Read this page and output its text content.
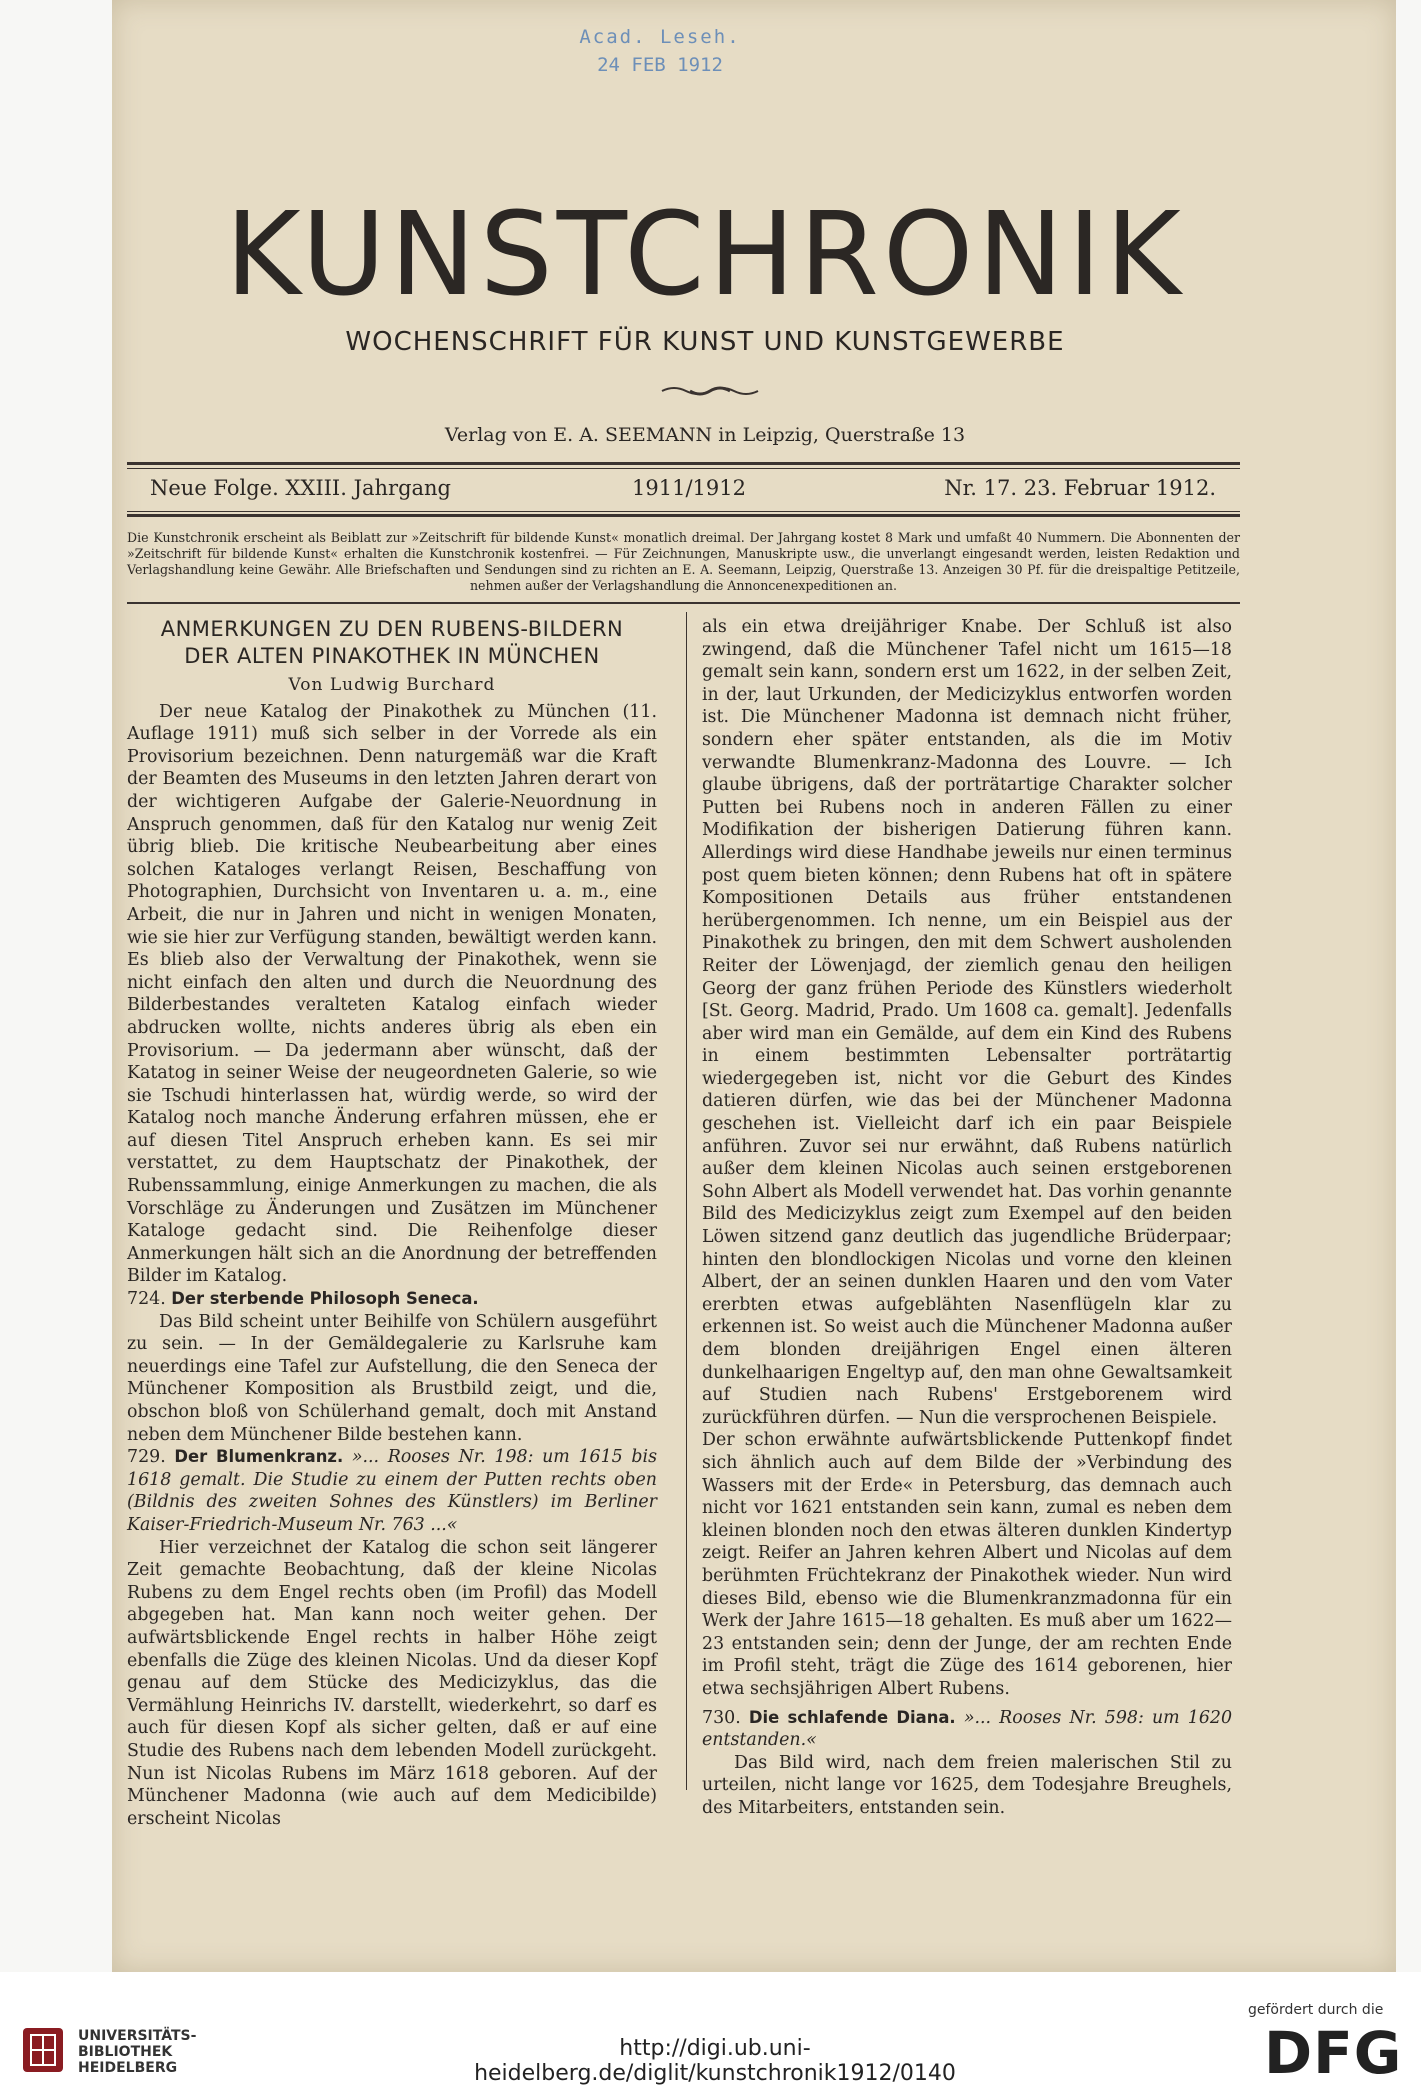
Acad. Leseh.
24 FEB 1912
KUNSTCHRONIK
WOCHENSCHRIFT FÜR KUNST UND KUNSTGEWERBE
Verlag von E. A. SEEMANN in Leipzig, Querstraße 13
Neue Folge. XXIII. Jahrgang	1911/1912	Nr. 17. 23. Februar 1912.
Die Kunstchronik erscheint als Beiblatt zur »Zeitschrift für bildende Kunst« monatlich dreimal. Der Jahrgang kostet 8 Mark und umfaßt 40 Nummern. Die Abonnenten der »Zeitschrift für bildende Kunst« erhalten die Kunstchronik kostenfrei. — Für Zeichnungen, Manuskripte usw., die unverlangt eingesandt werden, leisten Redaktion und Verlagshandlung keine Gewähr. Alle Briefschaften und Sendungen sind zu richten an E. A. Seemann, Leipzig, Querstraße 13. Anzeigen 30 Pf. für die dreispaltige Petitzeile, nehmen außer der Verlagshandlung die Annoncenexpeditionen an.
ANMERKUNGEN ZU DEN RUBENS-BILDERN
DER ALTEN PINAKOTHEK IN MÜNCHEN
Von Ludwig Burchard

Der neue Katalog der Pinakothek zu München (11. Auflage 1911) muß sich selber in der Vorrede als ein Provisorium bezeichnen. Denn naturgemäß war die Kraft der Beamten des Museums in den letzten Jahren derart von der wichtigeren Aufgabe der Galerie-Neuordnung in Anspruch genommen, daß für den Katalog nur wenig Zeit übrig blieb. Die kritische Neubearbeitung aber eines solchen Kataloges verlangt Reisen, Beschaffung von Photographien, Durchsicht von Inventaren u. a. m., eine Arbeit, die nur in Jahren und nicht in wenigen Monaten, wie sie hier zur Verfügung standen, bewältigt werden kann. Es blieb also der Verwaltung der Pinakothek, wenn sie nicht einfach den alten und durch die Neuordnung des Bilderbestandes veralteten Katalog einfach wieder abdrucken wollte, nichts anderes übrig als eben ein Provisorium. — Da jedermann aber wünscht, daß der Katatog in seiner Weise der neugeordneten Galerie, so wie sie Tschudi hinterlassen hat, würdig werde, so wird der Katalog noch manche Änderung erfahren müssen, ehe er auf diesen Titel Anspruch erheben kann. Es sei mir verstattet, zu dem Hauptschatz der Pinakothek, der Rubenssammlung, einige Anmerkungen zu machen, die als Vorschläge zu Änderungen und Zusätzen im Münchener Kataloge gedacht sind. Die Reihenfolge dieser Anmerkungen hält sich an die Anordnung der betreffenden Bilder im Katalog.

724. Der sterbende Philosoph Seneca.

Das Bild scheint unter Beihilfe von Schülern ausgeführt zu sein. — In der Gemäldegalerie zu Karlsruhe kam neuerdings eine Tafel zur Aufstellung, die den Seneca der Münchener Komposition als Brustbild zeigt, und die, obschon bloß von Schülerhand gemalt, doch mit Anstand neben dem Münchener Bilde bestehen kann.

729. Der Blumenkranz. »... Rooses Nr. 198: um 1615 bis 1618 gemalt. Die Studie zu einem der Putten rechts oben (Bildnis des zweiten Sohnes des Künstlers) im Berliner Kaiser-Friedrich-Museum Nr. 763 ...«

Hier verzeichnet der Katalog die schon seit längerer Zeit gemachte Beobachtung, daß der kleine Nicolas Rubens zu dem Engel rechts oben (im Profil) das Modell abgegeben hat. Man kann noch weiter gehen. Der aufwärtsblickende Engel rechts in halber Höhe zeigt ebenfalls die Züge des kleinen Nicolas. Und da dieser Kopf genau auf dem Stücke des Medicizyklus, das die Vermählung Heinrichs IV. darstellt, wiederkehrt, so darf es auch für diesen Kopf als sicher gelten, daß er auf eine Studie des Rubens nach dem lebenden Modell zurückgeht. Nun ist Nicolas Rubens im März 1618 geboren. Auf der Münchener Madonna (wie auch auf dem Medicibilde) erscheint Nicolas

als ein etwa dreijähriger Knabe. Der Schluß ist also zwingend, daß die Münchener Tafel nicht um 1615—18 gemalt sein kann, sondern erst um 1622, in der selben Zeit, in der, laut Urkunden, der Medicizyklus entworfen worden ist. Die Münchener Madonna ist demnach nicht früher, sondern eher später entstanden, als die im Motiv verwandte Blumenkranz-Madonna des Louvre. — Ich glaube übrigens, daß der porträtartige Charakter solcher Putten bei Rubens noch in anderen Fällen zu einer Modifikation der bisherigen Datierung führen kann. Allerdings wird diese Handhabe jeweils nur einen terminus post quem bieten können; denn Rubens hat oft in spätere Kompositionen Details aus früher entstandenen herübergenommen. Ich nenne, um ein Beispiel aus der Pinakothek zu bringen, den mit dem Schwert ausholenden Reiter der Löwenjagd, der ziemlich genau den heiligen Georg der ganz frühen Periode des Künstlers wiederholt [St. Georg. Madrid, Prado. Um 1608 ca. gemalt]. Jedenfalls aber wird man ein Gemälde, auf dem ein Kind des Rubens in einem bestimmten Lebensalter porträtartig wiedergegeben ist, nicht vor die Geburt des Kindes datieren dürfen, wie das bei der Münchener Madonna geschehen ist. Vielleicht darf ich ein paar Beispiele anführen. Zuvor sei nur erwähnt, daß Rubens natürlich außer dem kleinen Nicolas auch seinen erstgeborenen Sohn Albert als Modell verwendet hat. Das vorhin genannte Bild des Medicizyklus zeigt zum Exempel auf den beiden Löwen sitzend ganz deutlich das jugendliche Brüderpaar; hinten den blondlockigen Nicolas und vorne den kleinen Albert, der an seinen dunklen Haaren und den vom Vater ererbten etwas aufgeblähten Nasenflügeln klar zu erkennen ist. So weist auch die Münchener Madonna außer dem blonden dreijährigen Engel einen älteren dunkelhaarigen Engeltyp auf, den man ohne Gewaltsamkeit auf Studien nach Rubens' Erstgeborenem wird zurückführen dürfen. — Nun die versprochenen Beispiele.

Der schon erwähnte aufwärtsblickende Puttenkopf findet sich ähnlich auch auf dem Bilde der »Verbindung des Wassers mit der Erde« in Petersburg, das demnach auch nicht vor 1621 entstanden sein kann, zumal es neben dem kleinen blonden noch den etwas älteren dunklen Kindertyp zeigt. Reifer an Jahren kehren Albert und Nicolas auf dem berühmten Früchtekranz der Pinakothek wieder. Nun wird dieses Bild, ebenso wie die Blumenkranzmadonna für ein Werk der Jahre 1615—18 gehalten. Es muß aber um 1622—23 entstanden sein; denn der Junge, der am rechten Ende im Profil steht, trägt die Züge des 1614 geborenen, hier etwa sechsjährigen Albert Rubens.

730. Die schlafende Diana. »... Rooses Nr. 598: um 1620 entstanden.«

Das Bild wird, nach dem freien malerischen Stil zu urteilen, nicht lange vor 1625, dem Todesjahre Breughels, des Mitarbeiters, entstanden sein.

UNIVERSITÄTS-
BIBLIOTHEK
HEIDELBERG
http://digi.ub.uni-heidelberg.de/diglit/kunstchronik1912/0140
gefördert durch die
DFG
